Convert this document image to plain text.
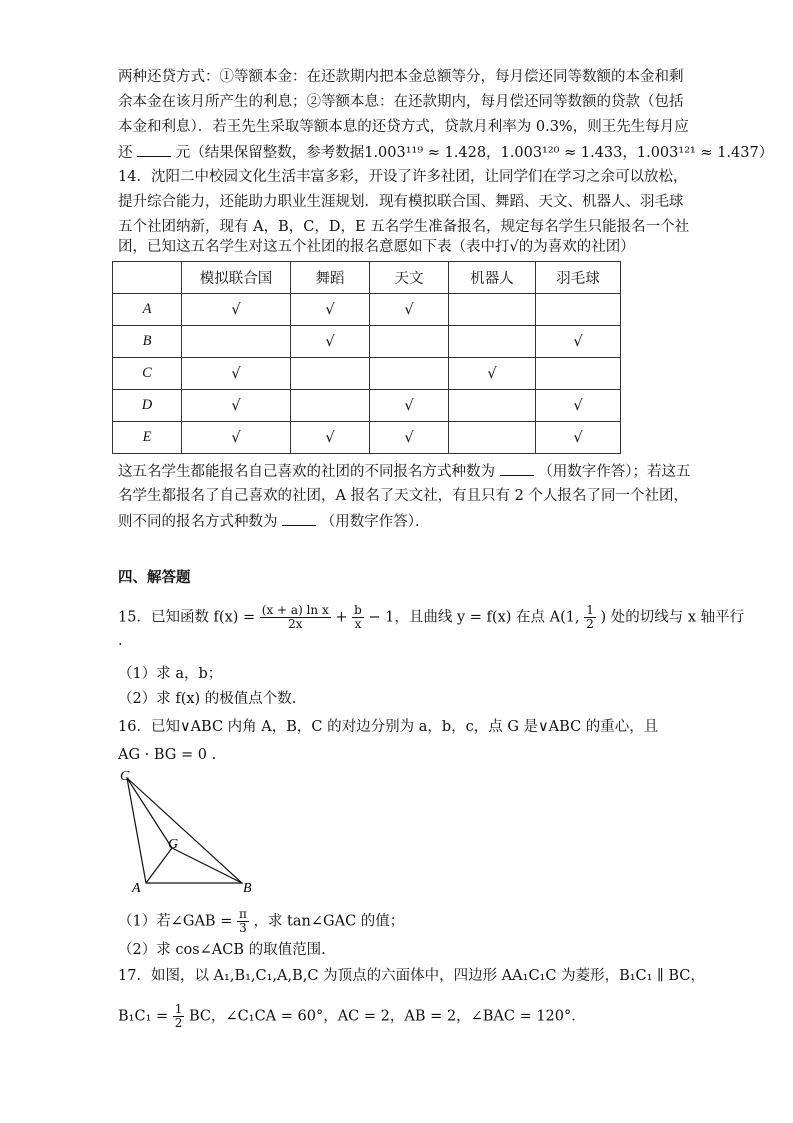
两种还贷方式：①等额本金：在还款期内把本金总额等分，每月偿还同等数额的本金和剩
余本金在该月所产生的利息；②等额本息：在还款期内，每月偿还同等数额的贷款（包括
本金和利息）．若王先生采取等额本息的还贷方式，贷款月利率为 0.3%，则王先生每月应
还	元（结果保留整数，参考数据1.003¹¹⁹ ≈ 1.428，1.003¹²⁰ ≈ 1.433，1.003¹²¹ ≈ 1.437）
14．沈阳二中校园文化生活丰富多彩，开设了许多社团，让同学们在学习之余可以放松，
提升综合能力，还能助力职业生涯规划．现有模拟联合国、舞蹈、天文、机器人、羽毛球
五个社团纳新，现有 A，B，C，D，E 五名学生准备报名，规定每名学生只能报名一个社
团，已知这五名学生对这五个社团的报名意愿如下表（表中打√的为喜欢的社团）
	模拟联合国	舞蹈	天文	机器人	羽毛球
A	√	√	√		
B		√			√
C	√			√	
D	√		√		√
E	√	√	√		√
这五名学生都能报名自己喜欢的社团的不同报名方式种数为	（用数字作答）；若这五
名学生都报名了自己喜欢的社团，A 报名了天文社，有且只有 2 个人报名了同一个社团，
则不同的报名方式种数为	（用数字作答）．
四、解答题
15．已知函数 $f(x) = \frac{\text{(x + a) ln x}}{2x} + \frac{b}{x} - 1$，且曲线 y = f(x) 在点 A(1, $\frac{1}{2}$ ) 处的切线与 x 轴平行
.
（1）求 a，b；
（2）求 f(x) 的极值点个数.
16．已知∨ABC 内角 A，B，C 的对边分别为 a，b，c，点 G 是∨ABC 的重心，且
AG · BG = 0 .
C
G
A	B
（1）若∠GAB = $\frac{\pi}{3}$ ，求 tan∠GAC 的值；
（2）求 cos∠ACB 的取值范围.
17．如图，以 A₁,B₁,C₁,A,B,C 为顶点的六面体中，四边形 AA₁C₁C 为菱形，B₁C₁ ∥ BC，
$B_1C_1 = \frac{1}{2}$ BC，∠C₁CA = 60°，AC = 2，AB = 2，∠BAC = 120°．
